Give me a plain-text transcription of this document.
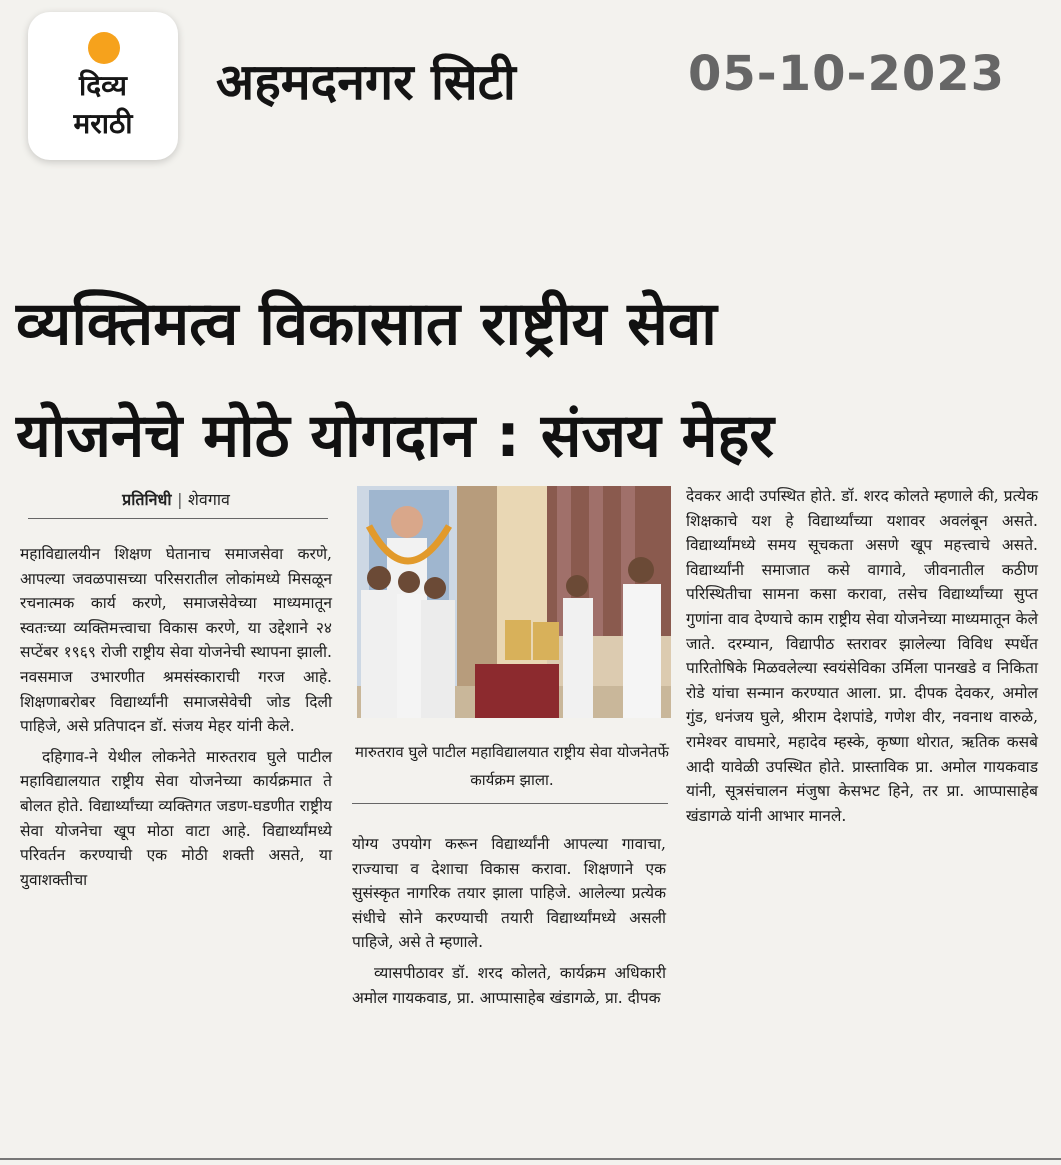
दिव्य
मराठी
अहमदनगर सिटी	05-10-2023
व्यक्तिमत्व विकासात राष्ट्रीय सेवा
योजनेचे मोठे योगदान : संजय मेहर
प्रतिनिधी | शेवगाव

महाविद्यालयीन शिक्षण घेतानाच समाजसेवा करणे, आपल्या जवळपासच्या परिसरातील लोकांमध्ये मिसळून रचनात्मक कार्य करणे, समाजसेवेच्या माध्यमातून स्वतःच्या व्यक्तिमत्त्वाचा विकास करणे, या उद्देशाने २४ सप्टेंबर १९६९ रोजी राष्ट्रीय सेवा योजनेची स्थापना झाली. नवसमाज उभारणीत श्रमसंस्काराची गरज आहे. शिक्षणाबरोबर विद्यार्थ्यांनी समाजसेवेची जोड दिली पाहिजे, असे प्रतिपादन डॉ. संजय मेहर यांनी केले.

दहिगाव-ने येथील लोकनेते मारुतराव घुले पाटील महाविद्यालयात राष्ट्रीय सेवा योजनेच्या कार्यक्रमात ते बोलत होते. विद्यार्थ्यांच्या व्यक्तिगत जडण-घडणीत राष्ट्रीय सेवा योजनेचा खूप मोठा वाटा आहे. विद्यार्थ्यांमध्ये परिवर्तन करण्याची एक मोठी शक्ती असते, या युवाशक्तीचा

मारुतराव घुले पाटील महाविद्यालयात राष्ट्रीय सेवा योजनेतर्फे कार्यक्रम झाला.

योग्य उपयोग करून विद्यार्थ्यांनी आपल्या गावाचा, राज्याचा व देशाचा विकास करावा. शिक्षणाने एक सुसंस्कृत नागरिक तयार झाला पाहिजे. आलेल्या प्रत्येक संधीचे सोने करण्याची तयारी विद्यार्थ्यांमध्ये असली पाहिजे, असे ते म्हणाले.

व्यासपीठावर डॉ. शरद कोलते, कार्यक्रम अधिकारी अमोल गायकवाड, प्रा. आप्पासाहेब खंडागळे, प्रा. दीपक

देवकर आदी उपस्थित होते. डॉ. शरद कोलते म्हणाले की, प्रत्येक शिक्षकाचे यश हे विद्यार्थ्यांच्या यशावर अवलंबून असते. विद्यार्थ्यांमध्ये समय सूचकता असणे खूप महत्त्वाचे असते. विद्यार्थ्यांनी समाजात कसे वागावे, जीवनातील कठीण परिस्थितीचा सामना कसा करावा, तसेच विद्यार्थ्यांच्या सुप्त गुणांना वाव देण्याचे काम राष्ट्रीय सेवा योजनेच्या माध्यमातून केले जाते. दरम्यान, विद्यापीठ स्तरावर झालेल्या विविध स्पर्धेत पारितोषिके मिळवलेल्या स्वयंसेविका उर्मिला पानखडे व निकिता रोडे यांचा सन्मान करण्यात आला. प्रा. दीपक देवकर, अमोल गुंड, धनंजय घुले, श्रीराम देशपांडे, गणेश वीर, नवनाथ वारुळे, रामेश्वर वाघमारे, महादेव म्हस्के, कृष्णा थोरात, ऋतिक कसबे आदी यावेळी उपस्थित होते. प्रास्ताविक प्रा. अमोल गायकवाड यांनी, सूत्रसंचालन मंजुषा केसभट हिने, तर प्रा. आप्पासाहेब खंडागळे यांनी आभार मानले.
